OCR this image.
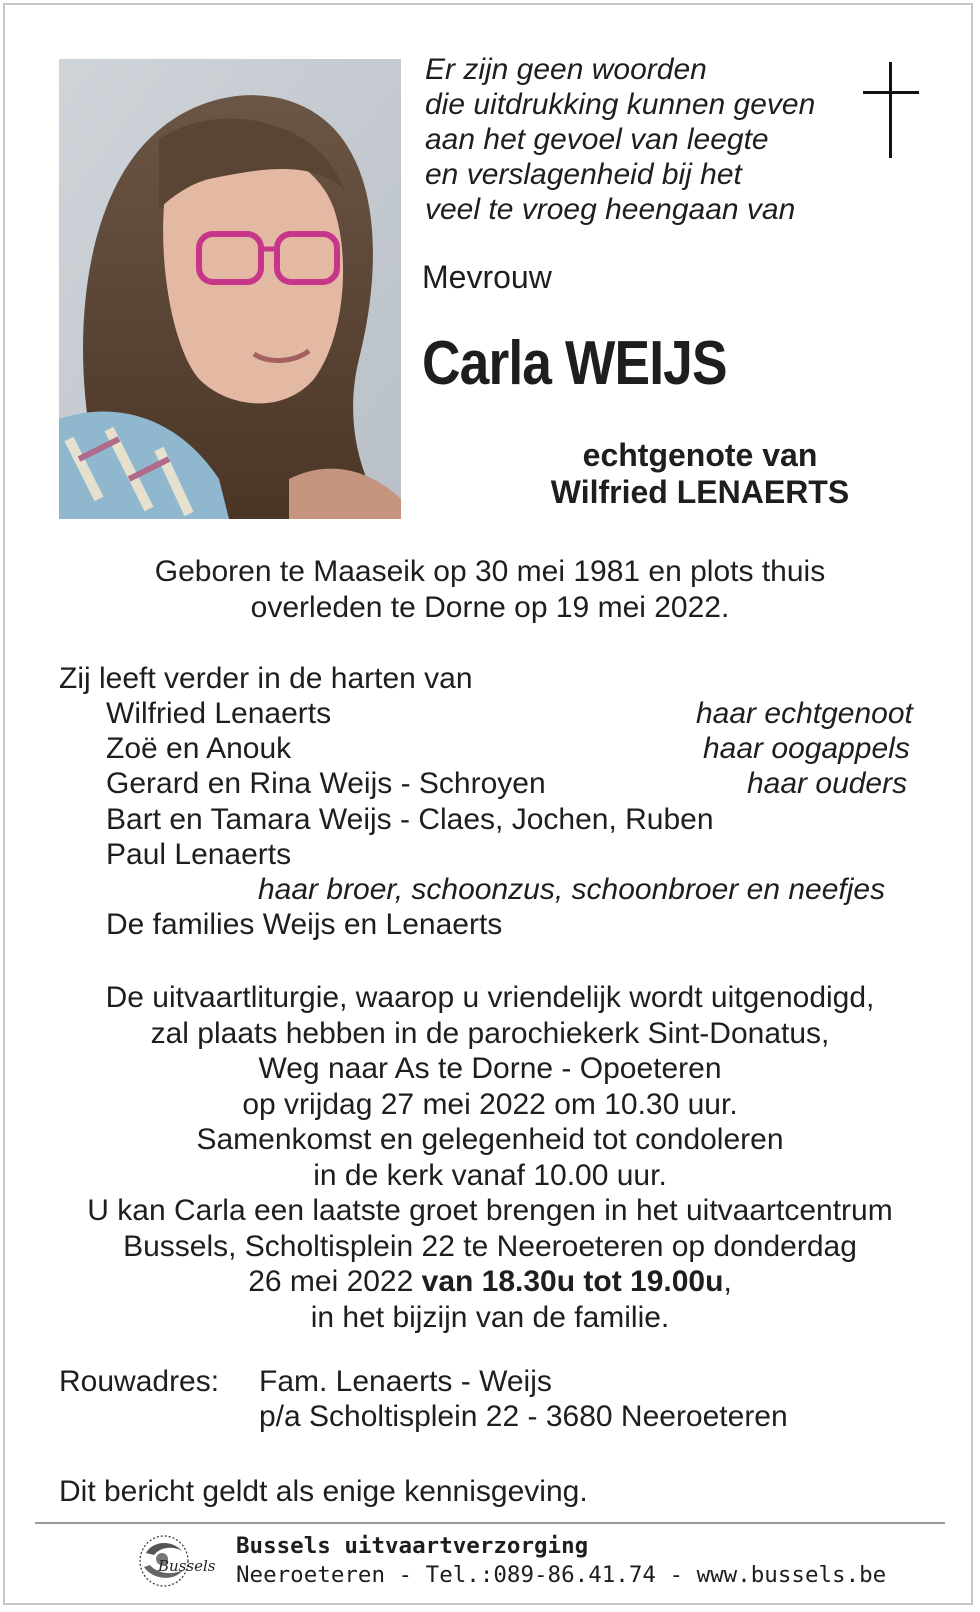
Er zijn geen woorden
die uitdrukking kunnen geven
aan het gevoel van leegte
en verslagenheid bij het
veel te vroeg heengaan van
Mevrouw
Carla WEIJS
echtgenote van
Wilfried LENAERTS
Geboren te Maaseik op 30 mei 1981 en plots thuis
overleden te Dorne op 19 mei 2022.
Zij leeft verder in de harten van
Wilfried Lenaerts	haar echtgenoot
Zoë en Anouk	haar oogappels
Gerard en Rina Weijs - Schroyen	haar ouders
Bart en Tamara Weijs - Claes, Jochen, Ruben
Paul Lenaerts
haar broer, schoonzus, schoonbroer en neefjes
De families Weijs en Lenaerts
De uitvaartliturgie, waarop u vriendelijk wordt uitgenodigd,
zal plaats hebben in de parochiekerk Sint-Donatus,
Weg naar As te Dorne - Opoeteren
op vrijdag 27 mei 2022 om 10.30 uur.
Samenkomst en gelegenheid tot condoleren
in de kerk vanaf 10.00 uur.
U kan Carla een laatste groet brengen in het uitvaartcentrum
Bussels, Scholtisplein 22 te Neeroeteren op donderdag
26 mei 2022 van 18.30u tot 19.00u,
in het bijzijn van de familie.
Rouwadres: Fam. Lenaerts - Weijs
p/a Scholtisplein 22 - 3680 Neeroeteren
Dit bericht geldt als enige kennisgeving.
Bussels
Bussels uitvaartverzorging
Neeroeteren - Tel.:089-86.41.74 - www.bussels.be
